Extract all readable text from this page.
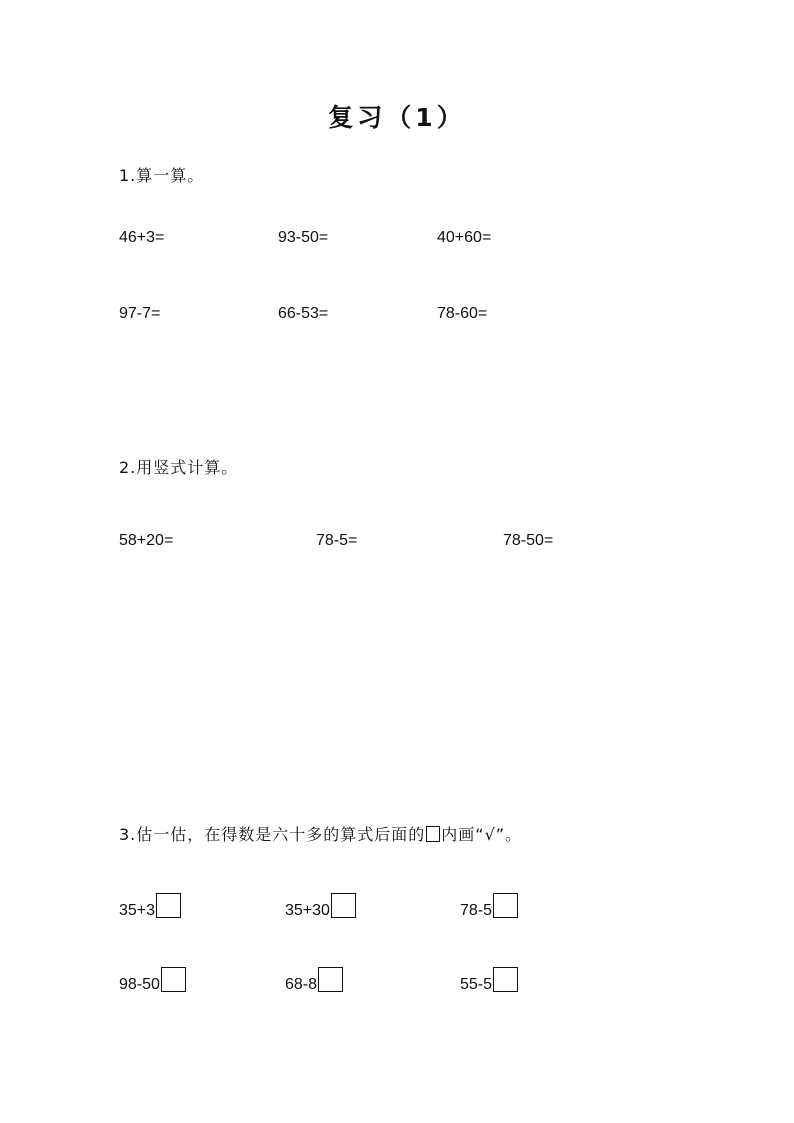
复习（1）
1.算一算。
46+3=	93-50=	40+60=
97-7=	66-53=	78-60=
2.用竖式计算。
58+20=	78-5=	78-50=
3.估一估，在得数是六十多的算式后面的 内画“√”。
35+3	35+30	78-5
98-50	68-8	55-5
